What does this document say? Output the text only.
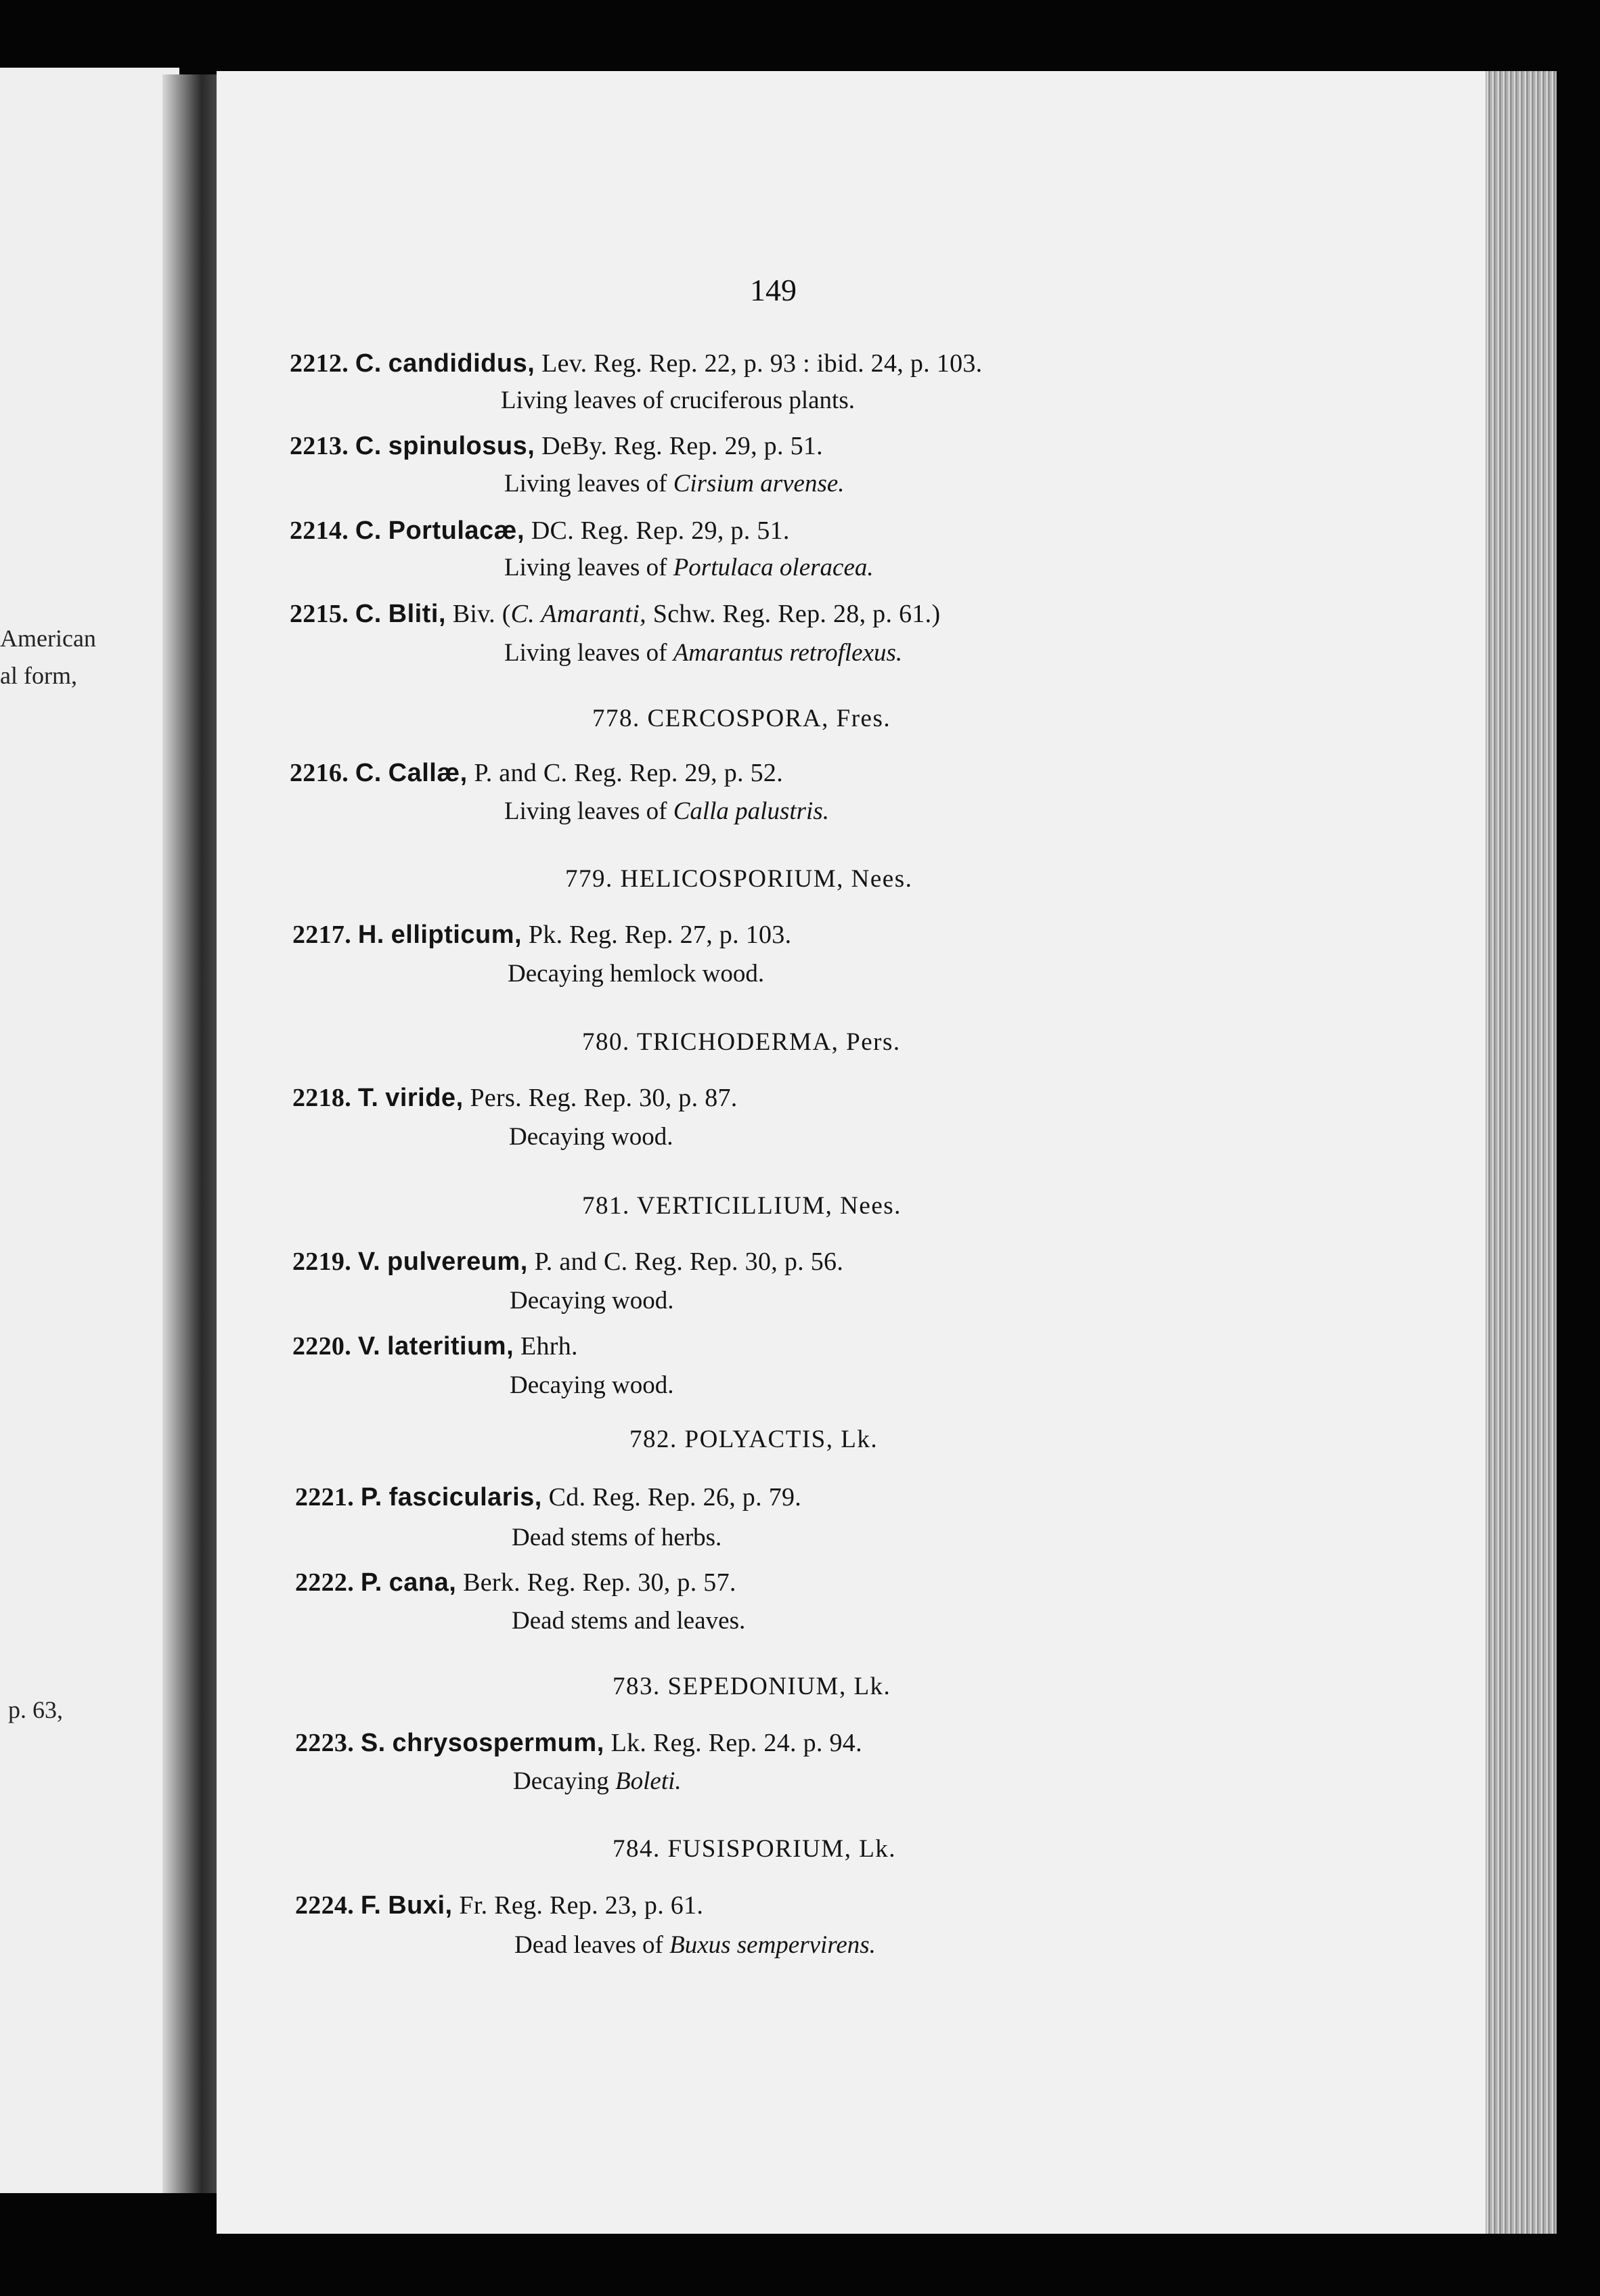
American
al form,
p. 63,
149
2212. C. candididus, Lev. Reg. Rep. 22, p. 93 : ibid. 24, p. 103.
Living leaves of cruciferous plants.
2213. C. spinulosus, DeBy. Reg. Rep. 29, p. 51.
Living leaves of Cirsium arvense.
2214. C. Portulacæ, DC. Reg. Rep. 29, p. 51.
Living leaves of Portulaca oleracea.
2215. C. Bliti, Biv. (C. Amaranti, Schw. Reg. Rep. 28, p. 61.)
Living leaves of Amarantus retroflexus.
778. CERCOSPORA, Fres.
2216. C. Callæ, P. and C. Reg. Rep. 29, p. 52.
Living leaves of Calla palustris.
779. HELICOSPORIUM, Nees.
2217. H. ellipticum, Pk. Reg. Rep. 27, p. 103.
Decaying hemlock wood.
780. TRICHODERMA, Pers.
2218. T. viride, Pers. Reg. Rep. 30, p. 87.
Decaying wood.
781. VERTICILLIUM, Nees.
2219. V. pulvereum, P. and C. Reg. Rep. 30, p. 56.
Decaying wood.
2220. V. lateritium, Ehrh.
Decaying wood.
782. POLYACTIS, Lk.
2221. P. fascicularis, Cd. Reg. Rep. 26, p. 79.
Dead stems of herbs.
2222. P. cana, Berk. Reg. Rep. 30, p. 57.
Dead stems and leaves.
783. SEPEDONIUM, Lk.
2223. S. chrysospermum, Lk. Reg. Rep. 24. p. 94.
Decaying Boleti.
784. FUSISPORIUM, Lk.
2224. F. Buxi, Fr. Reg. Rep. 23, p. 61.
Dead leaves of Buxus sempervirens.
